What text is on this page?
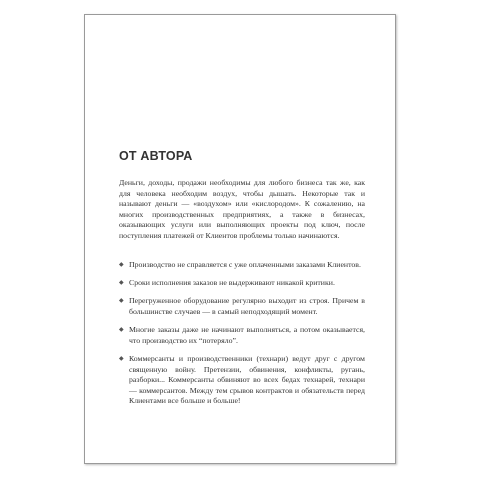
ОТ АВТОРА

Деньги, доходы, продажи необходимы для любого бизнеса так же, как для человека необходим воздух, чтобы дышать. Некоторые так и называют деньги — «воздухом» или «кислородом». К сожалению, на многих производственных предприятиях, а также в бизнесах, оказывающих услуги или выполняющих проекты под ключ, после поступления платежей от Клиентов проблемы только начинаются.

◆ Производство не справляется с уже оплаченными заказами Клиентов.
◆ Сроки исполнения заказов не выдерживают никакой критики.
◆ Перегруженное оборудование регулярно выходит из строя. Причем в большинстве случаев — в самый неподходящий момент.
◆ Многие заказы даже не начинают выполняться, а потом оказывается, что производство их “потеряло”.
◆ Коммерсанты и производственники (технари) ведут друг с другом священную войну. Претензии, обвинения, конфликты, ругань, разборки... Коммерсанты обвиняют во всех бедах технарей, технари — коммерсантов. Между тем срывов контрактов и обязательств перед Клиентами все больше и больше!
